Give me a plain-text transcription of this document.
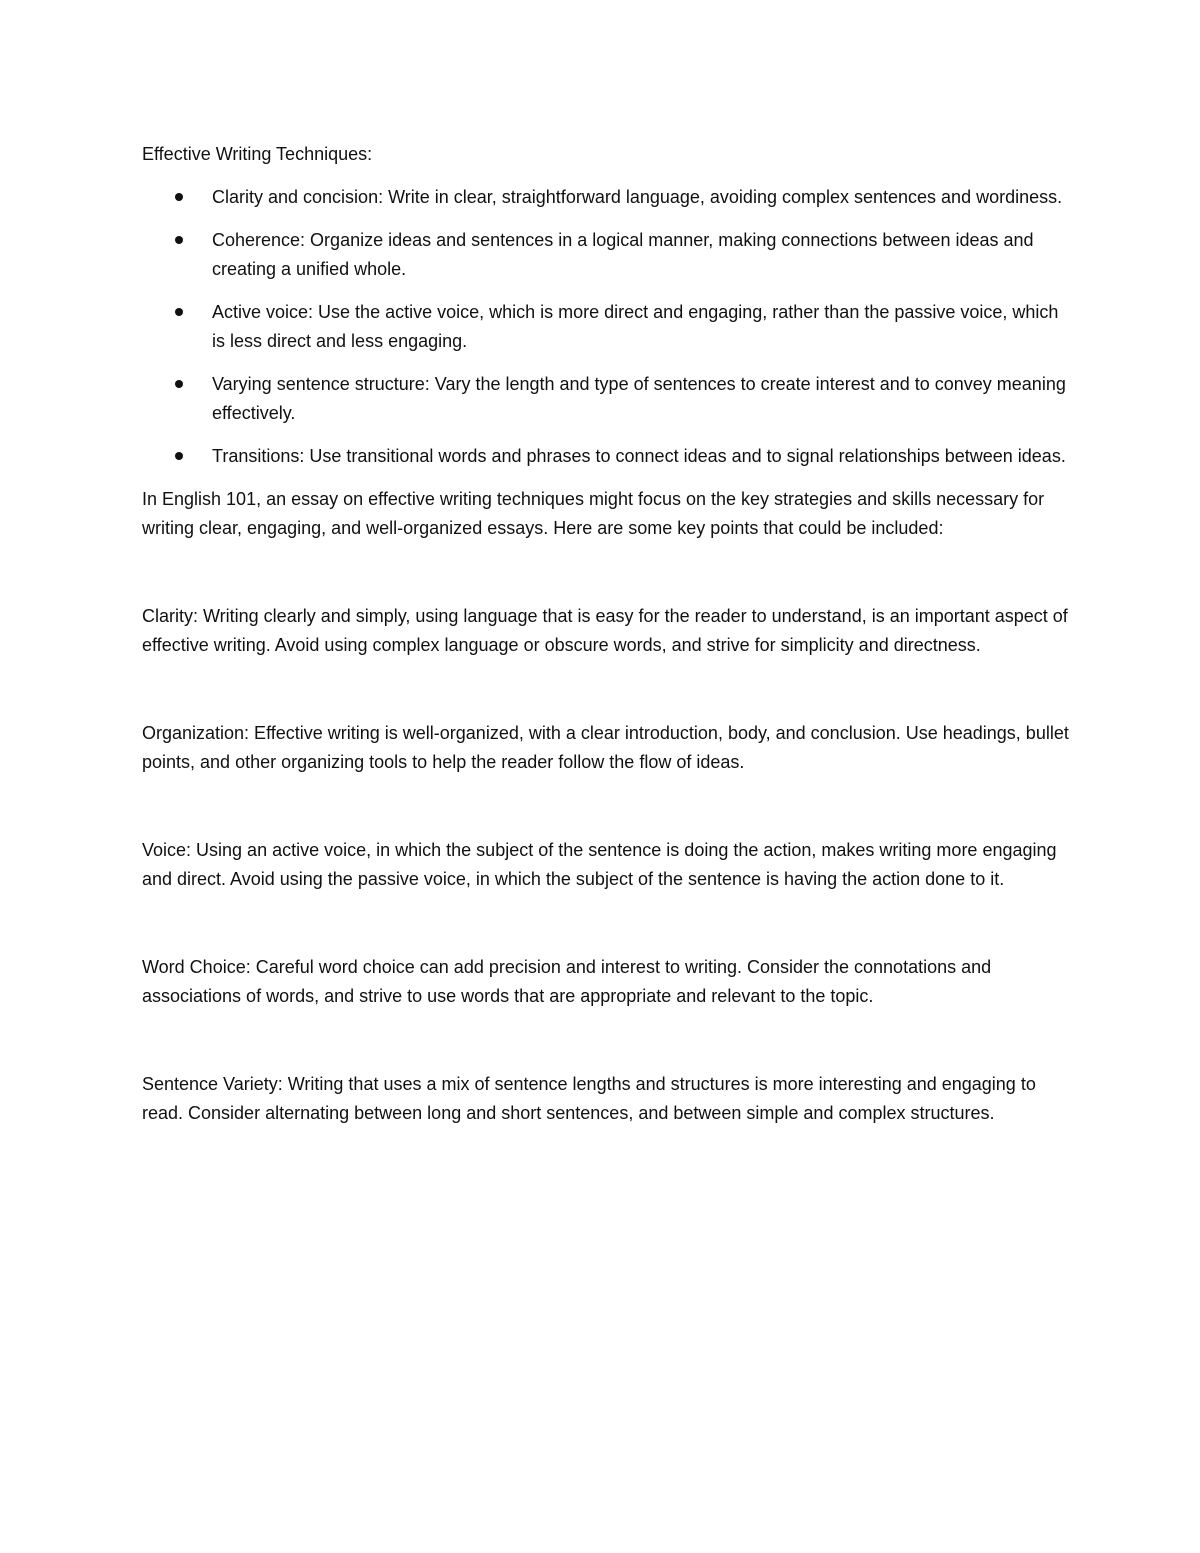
Effective Writing Techniques:

Clarity and concision: Write in clear, straightforward language, avoiding complex sentences and wordiness.
Coherence: Organize ideas and sentences in a logical manner, making connections between ideas and creating a unified whole.
Active voice: Use the active voice, which is more direct and engaging, rather than the passive voice, which is less direct and less engaging.
Varying sentence structure: Vary the length and type of sentences to create interest and to convey meaning effectively.
Transitions: Use transitional words and phrases to connect ideas and to signal relationships between ideas.

In English 101, an essay on effective writing techniques might focus on the key strategies and skills necessary for writing clear, engaging, and well-organized essays. Here are some key points that could be included:

Clarity: Writing clearly and simply, using language that is easy for the reader to understand, is an important aspect of effective writing. Avoid using complex language or obscure words, and strive for simplicity and directness.

Organization: Effective writing is well-organized, with a clear introduction, body, and conclusion. Use headings, bullet points, and other organizing tools to help the reader follow the flow of ideas.

Voice: Using an active voice, in which the subject of the sentence is doing the action, makes writing more engaging and direct. Avoid using the passive voice, in which the subject of the sentence is having the action done to it.

Word Choice: Careful word choice can add precision and interest to writing. Consider the connotations and associations of words, and strive to use words that are appropriate and relevant to the topic.

Sentence Variety: Writing that uses a mix of sentence lengths and structures is more interesting and engaging to read. Consider alternating between long and short sentences, and between simple and complex structures.
